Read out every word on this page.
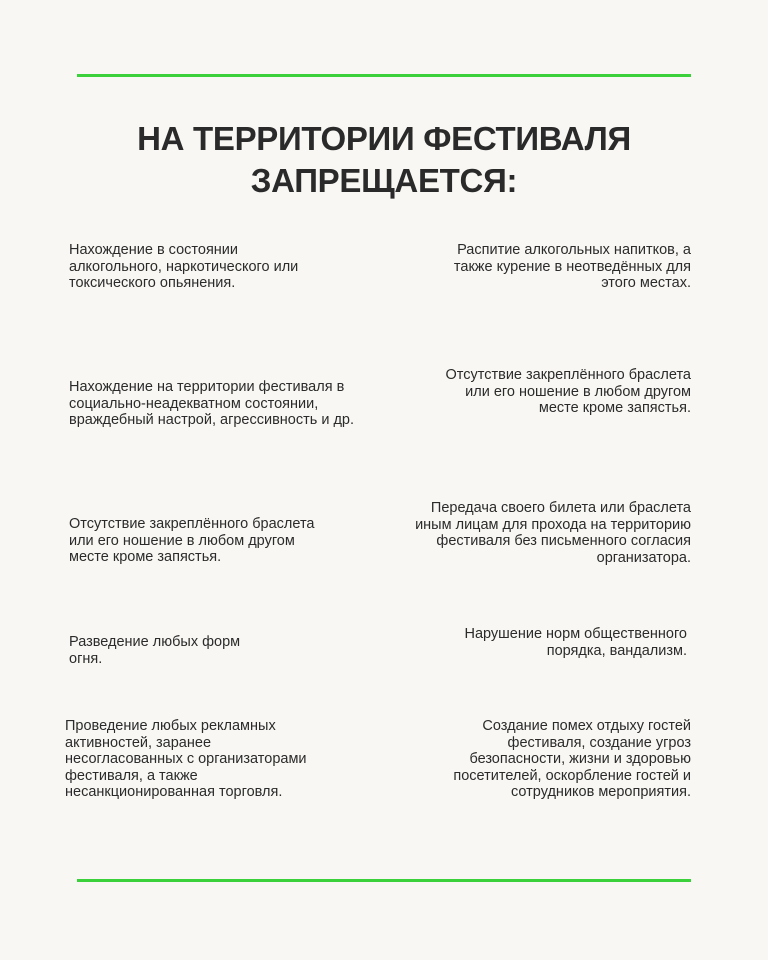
НА ТЕРРИТОРИИ ФЕСТИВАЛЯ
ЗАПРЕЩАЕТСЯ:

Нахождение в состоянии
алкогольного, наркотического или
токсического опьянения.

Нахождение на территории фестиваля в
социально-неадекватном состоянии,
враждебный настрой, агрессивность и др.

Отсутствие закреплённого браслета
или его ношение в любом другом
месте кроме запястья.

Разведение любых форм
огня.

Проведение любых рекламных
активностей, заранее
несогласованных с организаторами
фестиваля, а также
несанкционированная торговля.

Распитие алкогольных напитков, а
также курение в неотведённых для
этого местах.

Отсутствие закреплённого браслета
или его ношение в любом другом
месте кроме запястья.

Передача своего билета или браслета
иным лицам для прохода на территорию
фестиваля без письменного согласия
организатора.

Нарушение норм общественного
порядка, вандализм.

Создание помех отдыху гостей
фестиваля, создание угроз
безопасности, жизни и здоровью
посетителей, оскорбление гостей и
сотрудников мероприятия.
